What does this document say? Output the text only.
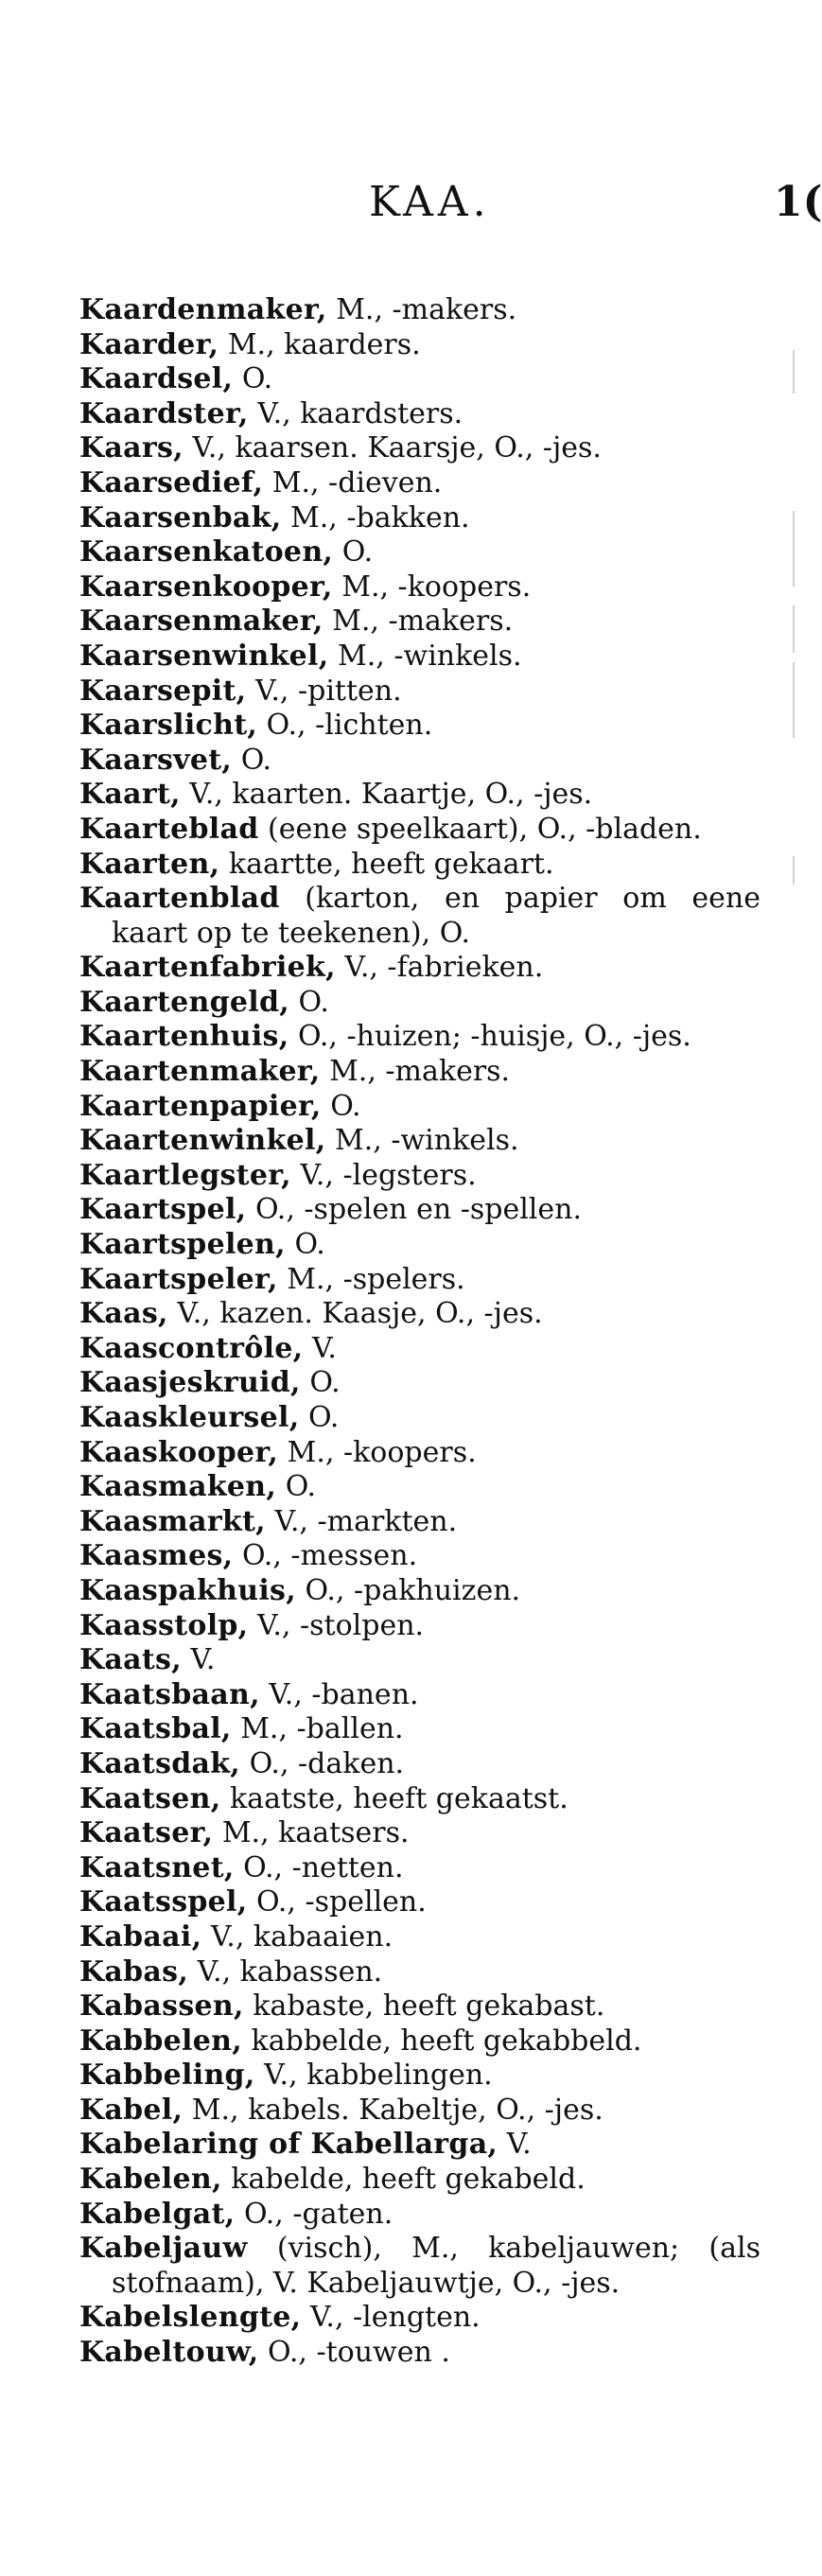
KAA.	1(
Kaardenmaker, M., -makers.
Kaarder, M., kaarders.
Kaardsel, O.
Kaardster, V., kaardsters.
Kaars, V., kaarsen. Kaarsje, O., -jes.
Kaarsedief, M., -dieven.
Kaarsenbak, M., -bakken.
Kaarsenkatoen, O.
Kaarsenkooper, M., -koopers.
Kaarsenmaker, M., -makers.
Kaarsenwinkel, M., -winkels.
Kaarsepit, V., -pitten.
Kaarslicht, O., -lichten.
Kaarsvet, O.
Kaart, V., kaarten. Kaartje, O., -jes.
Kaarteblad (eene speelkaart), O., -bladen.
Kaarten, kaartte, heeft gekaart.
Kaartenblad (karton, en papier om eene kaart op te teekenen), O.
Kaartenfabriek, V., -fabrieken.
Kaartengeld, O.
Kaartenhuis, O., -huizen; -huisje, O., -jes.
Kaartenmaker, M., -makers.
Kaartenpapier, O.
Kaartenwinkel, M., -winkels.
Kaartlegster, V., -legsters.
Kaartspel, O., -spelen en -spellen.
Kaartspelen, O.
Kaartspeler, M., -spelers.
Kaas, V., kazen. Kaasje, O., -jes.
Kaascontrôle, V.
Kaasjeskruid, O.
Kaaskleursel, O.
Kaaskooper, M., -koopers.
Kaasmaken, O.
Kaasmarkt, V., -markten.
Kaasmes, O., -messen.
Kaaspakhuis, O., -pakhuizen.
Kaasstolp, V., -stolpen.
Kaats, V.
Kaatsbaan, V., -banen.
Kaatsbal, M., -ballen.
Kaatsdak, O., -daken.
Kaatsen, kaatste, heeft gekaatst.
Kaatser, M., kaatsers.
Kaatsnet, O., -netten.
Kaatsspel, O., -spellen.
Kabaai, V., kabaaien.
Kabas, V., kabassen.
Kabassen, kabaste, heeft gekabast.
Kabbelen, kabbelde, heeft gekabbeld.
Kabbeling, V., kabbelingen.
Kabel, M., kabels. Kabeltje, O., -jes.
Kabelaring of Kabellarga, V.
Kabelen, kabelde, heeft gekabeld.
Kabelgat, O., -gaten.
Kabeljauw (visch), M., kabeljauwen; (als stofnaam), V. Kabeljauwtje, O., -jes.
Kabelslengte, V., -lengten.
Kabeltouw, O., -touwen .
